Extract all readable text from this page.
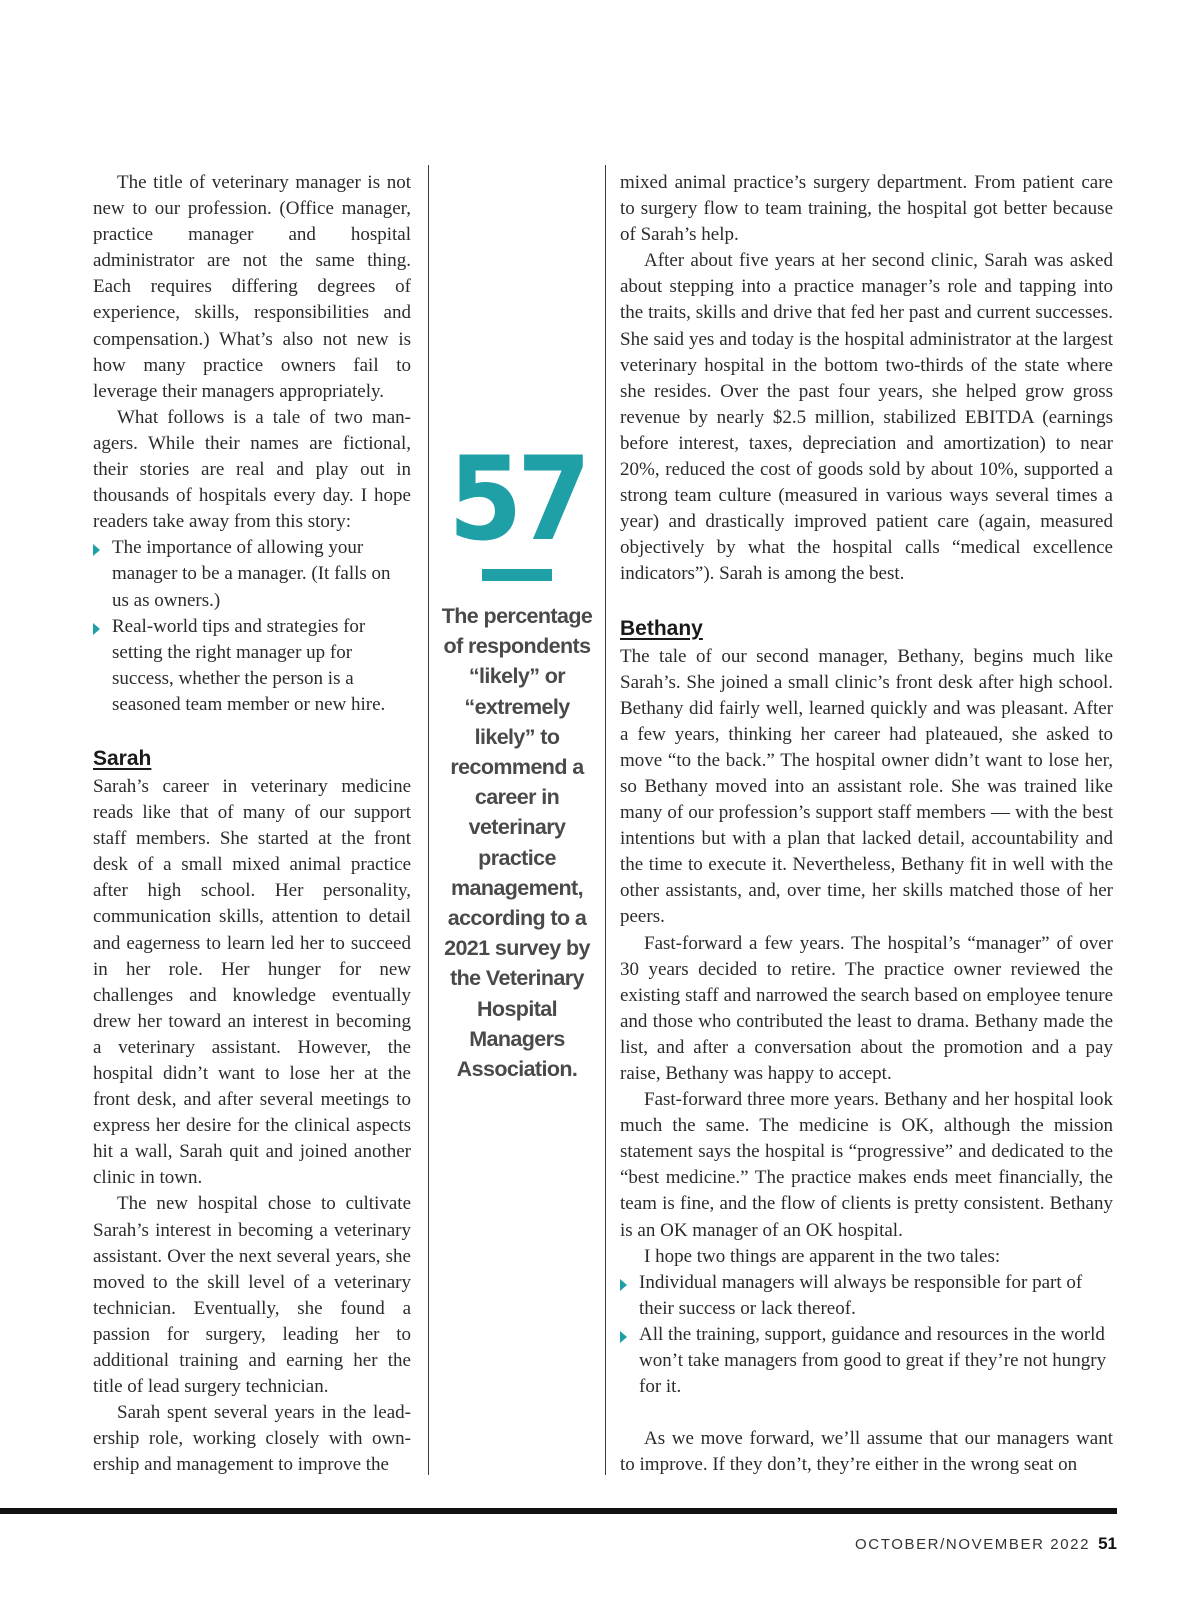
The title of veterinary manager is not new to our profession. (Office manager, practice manager and hospital administrator are not the same thing. Each requires differing degrees of experience, skills, responsibilities and compensation.) What’s also not new is how many practice owners fail to leverage their managers appropriately.

What follows is a tale of two managers. While their names are fictional, their stories are real and play out in thousands of hospitals every day. I hope readers take away from this story:

The importance of allowing your manager to be a manager. (It falls on us as owners.)
Real-world tips and strategies for setting the right manager up for success, whether the person is a seasoned team member or new hire.
Sarah

Sarah’s career in veterinary medicine reads like that of many of our support staff members. She started at the front desk of a small mixed animal practice after high school. Her personality, communication skills, attention to detail and eagerness to learn led her to succeed in her role. Her hunger for new challenges and knowledge eventually drew her toward an interest in becoming a veterinary assistant. However, the hospital didn’t want to lose her at the front desk, and after several meetings to express her desire for the clinical aspects hit a wall, Sarah quit and joined another clinic in town.

The new hospital chose to cultivate Sarah’s interest in becoming a veterinary assistant. Over the next several years, she moved to the skill level of a veterinary technician. Eventually, she found a passion for surgery, leading her to additional training and earning her the title of lead surgery technician.

Sarah spent several years in the leadership role, working closely with ownership and management to improve the

57
The percentage of respondents “likely” or “extremely likely” to recommend a career in veterinary practice management, according to a 2021 survey by the Veterinary Hospital Managers Association.

mixed animal practice’s surgery department. From patient care to surgery flow to team training, the hospital got better because of Sarah’s help.

After about five years at her second clinic, Sarah was asked about stepping into a practice manager’s role and tapping into the traits, skills and drive that fed her past and current successes. She said yes and today is the hospital administrator at the largest veterinary hospital in the bottom two-thirds of the state where she resides. Over the past four years, she helped grow gross revenue by nearly $2.5 million, stabilized EBITDA (earnings before interest, taxes, depreciation and amortization) to near 20%, reduced the cost of goods sold by about 10%, supported a strong team culture (measured in various ways several times a year) and drastically improved patient care (again, measured objectively by what the hospital calls “medical excellence indicators”). Sarah is among the best.

Bethany

The tale of our second manager, Bethany, begins much like Sarah’s. She joined a small clinic’s front desk after high school. Bethany did fairly well, learned quickly and was pleasant. After a few years, thinking her career had plateaued, she asked to move “to the back.” The hospital owner didn’t want to lose her, so Bethany moved into an assistant role. She was trained like many of our profession’s support staff members — with the best intentions but with a plan that lacked detail, accountability and the time to execute it. Nevertheless, Bethany fit in well with the other assistants, and, over time, her skills matched those of her peers.

Fast-forward a few years. The hospital’s “manager” of over 30 years decided to retire. The practice owner reviewed the existing staff and narrowed the search based on employee tenure and those who contributed the least to drama. Bethany made the list, and after a conversation about the promotion and a pay raise, Bethany was happy to accept.

Fast-forward three more years. Bethany and her hospital look much the same. The medicine is OK, although the mission statement says the hospital is “progressive” and dedicated to the “best medicine.” The practice makes ends meet financially, the team is fine, and the flow of clients is pretty consistent. Bethany is an OK manager of an OK hospital.

I hope two things are apparent in the two tales:

Individual managers will always be responsible for part of their success or lack thereof.
All the training, support, guidance and resources in the world won’t take managers from good to great if they’re not hungry for it.

As we move forward, we’ll assume that our managers want to improve. If they don’t, they’re either in the wrong seat on

OCTOBER/NOVEMBER 2022 51
